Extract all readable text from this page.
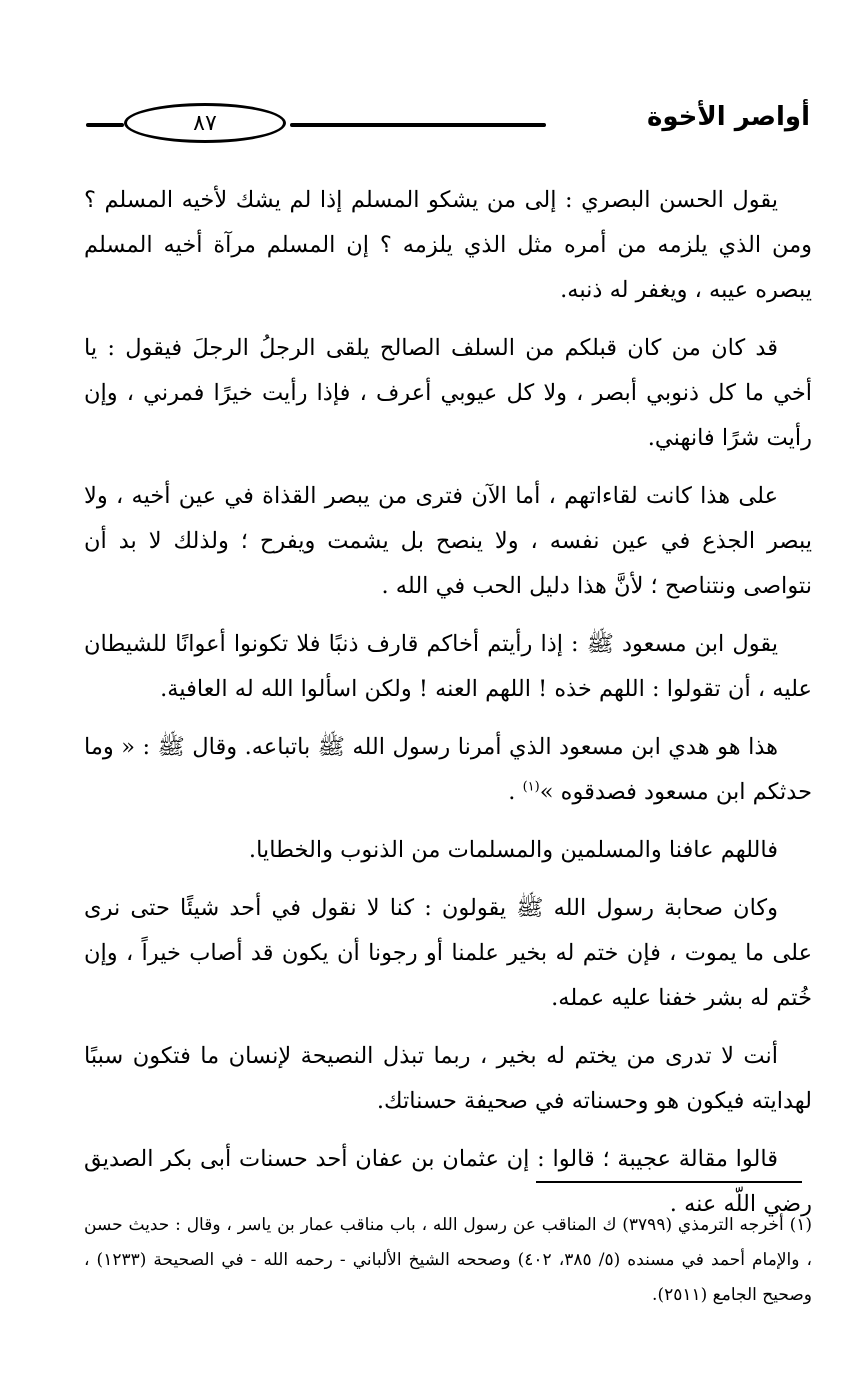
٨٧	أواصر الأخوة

يقول الحسن البصري : إلى من يشكو المسلم إذا لم يشك لأخيه المسلم ؟ ومن الذي يلزمه من أمره مثل الذي يلزمه ؟ إن المسلم مرآة أخيه المسلم يبصره عيبه ، ويغفر له ذنبه.

قد كان من كان قبلكم من السلف الصالح يلقى الرجلُ الرجلَ فيقول : يا أخي ما كل ذنوبي أبصر ، ولا كل عيوبي أعرف ، فإذا رأيت خيرًا فمرني ، وإن رأيت شرًا فانهني.

على هذا كانت لقاءاتهم ، أما الآن فترى من يبصر القذاة في عين أخيه ، ولا يبصر الجذع في عين نفسه ، ولا ينصح بل يشمت ويفرح ؛ ولذلك لا بد أن نتواصى ونتناصح ؛ لأنَّ هذا دليل الحب في الله .

يقول ابن مسعود ﷺ : إذا رأيتم أخاكم قارف ذنبًا فلا تكونوا أعوانًا للشيطان عليه ، أن تقولوا : اللهم خذه ! اللهم العنه ! ولكن اسألوا الله له العافية.

هذا هو هدي ابن مسعود الذي أمرنا رسول الله ﷺ باتباعه. وقال ﷺ : « وما حدثكم ابن مسعود فصدقوه »$^{(١)}$ .

فاللهم عافنا والمسلمين والمسلمات من الذنوب والخطايا.

وكان صحابة رسول الله ﷺ يقولون : كنا لا نقول في أحد شيئًا حتى نرى على ما يموت ، فإن ختم له بخير علمنا أو رجونا أن يكون قد أصاب خيراً ، وإن خُتم له بشر خفنا عليه عمله.

أنت لا تدرى من يختم له بخير ، ربما تبذل النصيحة لإنسان ما فتكون سببًا لهدايته فيكون هو وحسناته في صحيفة حسناتك.

قالوا مقالة عجيبة ؛ قالوا : إن عثمان بن عفان أحد حسنات أبى بكر الصديق رضي اللّه عنه .

(١) أخرجه الترمذي (٣٧٩٩) ك المناقب عن رسول الله ، باب مناقب عمار بن ياسر ، وقال : حديث حسن ، والإمام أحمد في مسنده (٥/ ٣٨٥، ٤٠٢) وصححه الشيخ الألباني - رحمه الله - في الصحيحة (١٢٣٣) ، وصحيح الجامع (٢٥١١).
